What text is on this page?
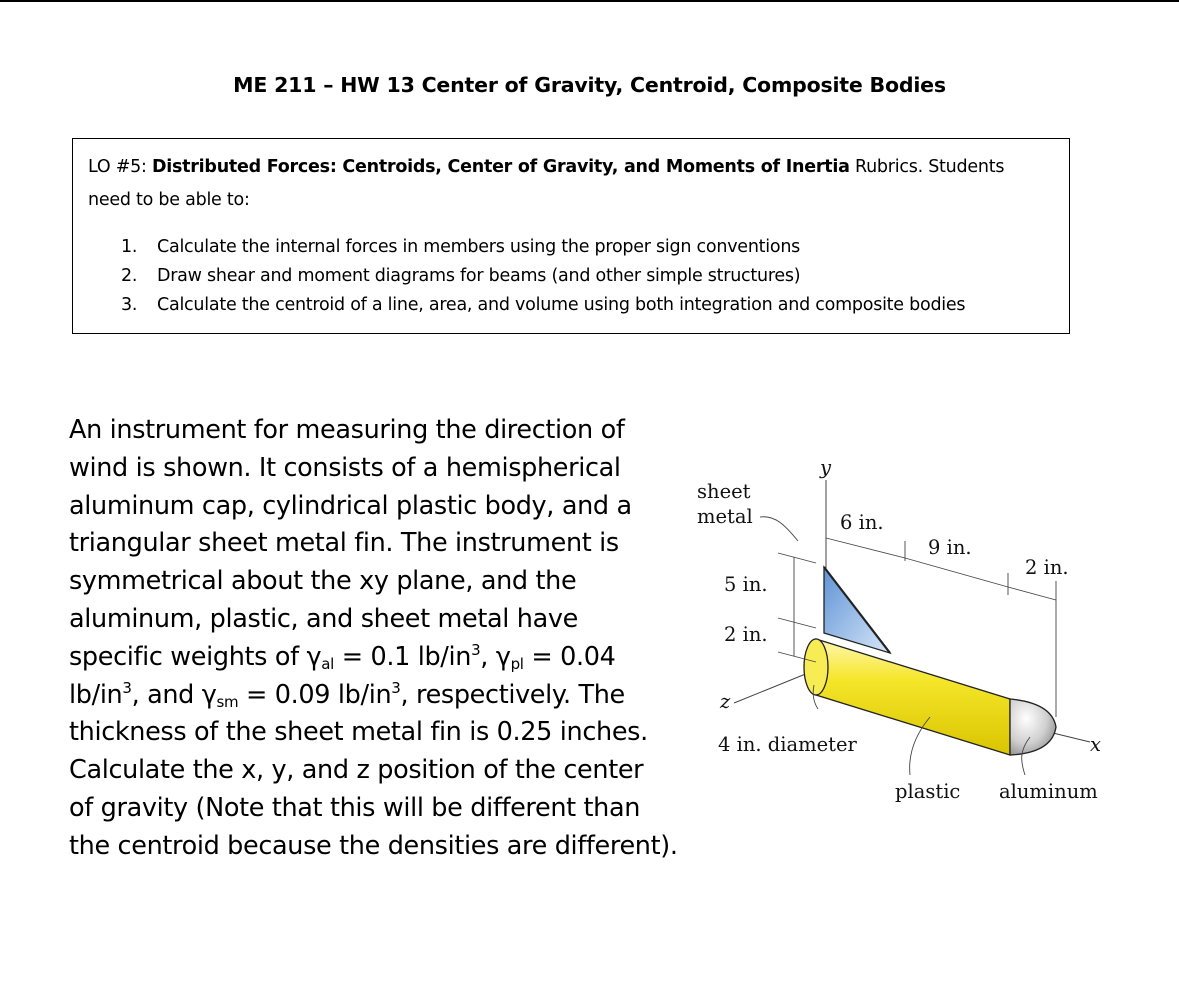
ME 211 – HW 13 Center of Gravity, Centroid, Composite Bodies
LO #5: Distributed Forces: Centroids, Center of Gravity, and Moments of Inertia Rubrics. Students
need to be able to:
1. Calculate the internal forces in members using the proper sign conventions
2. Draw shear and moment diagrams for beams (and other simple structures)
3. Calculate the centroid of a line, area, and volume using both integration and composite bodies
An instrument for measuring the direction of
wind is shown. It consists of a hemispherical
aluminum cap, cylindrical plastic body, and a
triangular sheet metal fin. The instrument is
symmetrical about the xy plane, and the
aluminum, plastic, and sheet metal have
specific weights of $\gamma_{al} = 0.1$ $lb/in^3$, $\gamma_{pl} = 0.04$
$lb/in^3$, and $\gamma_{sm} = 0.09$ $lb/in^3$, respectively. The
thickness of the sheet metal fin is 0.25 inches.
Calculate the x, y, and z position of the center
of gravity (Note that this will be different than
the centroid because the densities are different).
sheet
metal
y
6 in.
9 in.
2 in.
5 in.
2 in.
z
4 in. diameter	x
plastic aluminum
